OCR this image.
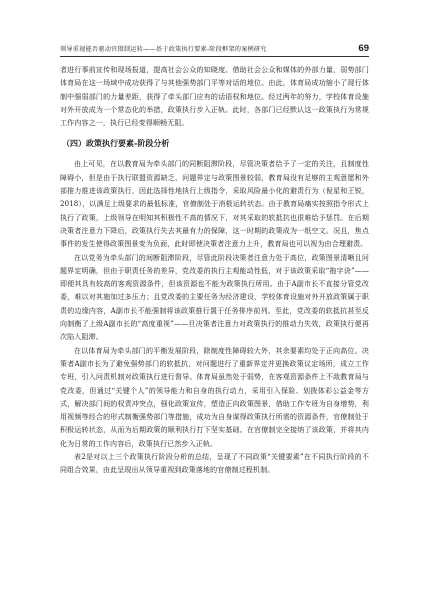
领导重视能否驱动官僚制运转——基于政策执行要素-阶段框架的案例研究	69

者进行事前宣传和现场报道，提高社会公众的知晓度。借助社会公众和媒体的外部力量，弱势部门体育局在这一场域中成功获得了与其他强势部门平等对话的地位。由此，体育局成功缩小了现行体制中强弱部门的力量差距，获得了牵头部门应有的话语权和地位。经过两年的努力，学校体育设施对外开放成为一个常态化的举措，政策执行步入正轨。此时，各部门已经默认这一政策执行为常规工作内容之一，执行已经变得顺畅无阻。

（四）政策执行要素-阶段分析

由上可见，在以教育局为牵头部门的同断阻滞阶段，尽管决策者给予了一定的关注，且制度性障碍小，但是由于执行联盟资源缺乏，问题界定与政策图景较弱，教育局没有足够的主观意愿和外部推力推进该政策执行，因此选择性地执行上级指令，采取风险最小化的避责行为（倪星和王锐，2018），以满足上级要求的最低标准，官僚制处于消极运转状态。由于教育局痛实按照指令形式上执行了政策，上级领导在明知其积极性不高的情况下，对其采取的软抵抗也很难给予惩罚。在后期决策者注意力下降后，政策执行失去其最有力的保障，这一时期的政策成为一纸空文。况且，焦点事件的发生使得政策图景变为负面，此时即使决策者注意力上升，教育局也可以视为由合理避责。

在以党务为牵头部门的间断阻滞阶段，尽管此阶段决策者注意力处于高位，政策图景清晰且问题界定明确，但由于职责任务的差异，党改委的执行主观能动性低，对于该政策采取“拖字诀”——即便其具有较高的客观资源条件，但该资源也不能为政策执行所用。由于A副市长不直接分管党改委，难以对其施加过多压力；且党改委的主要任务为经济建设，学校体育设施对外开放政策属于职责的边缘内容，A副市长不能强制将该政策推行置于任务排序前列。至此，党改委的软抵抗甚至反向制衡了上级A副市长的“高度重视”——旦决策者注意力对政策执行的推动力失效，政策执行便再次陷入阻滞。

在以体育局为牵头部门的平衡发展阶段，除制度性障碍较大外，其余要素均处于正向高位。决策者A副市长为了避免强势部门的软抵抗，对问题进行了重新界定并更换政策议定场所，成立工作专班，引入问责机制对政策执行进行督导。体育局虽然处于弱势，在客观资源条件上不敌教育局与党改委，但通过“关键个人”的领导能力和自身的执行动力，采用引入保险、划拨体彩公益金等方式，解决部门间的权责冲突点，强化政策宣传，塑造正向政策图景，借助工作专班为自身增势，利用视频等经合的形式制衡强势部门等措施，成功为自身谋得政策执行所需的资源条件，官僚制处于积极运转状态，从而为后期政策的顺利执行打下坚实基础。在官僚制完全接纳了该政策，并将其内化为日常的工作内容后，政策执行已然步入正轨。

表2是对以上三个政策执行阶段分析的总结，呈现了不同政策“关键要素”在不同执行阶段的不同组合效果，由此呈现出从领导重视到政策落地的官僚制过程机制。
